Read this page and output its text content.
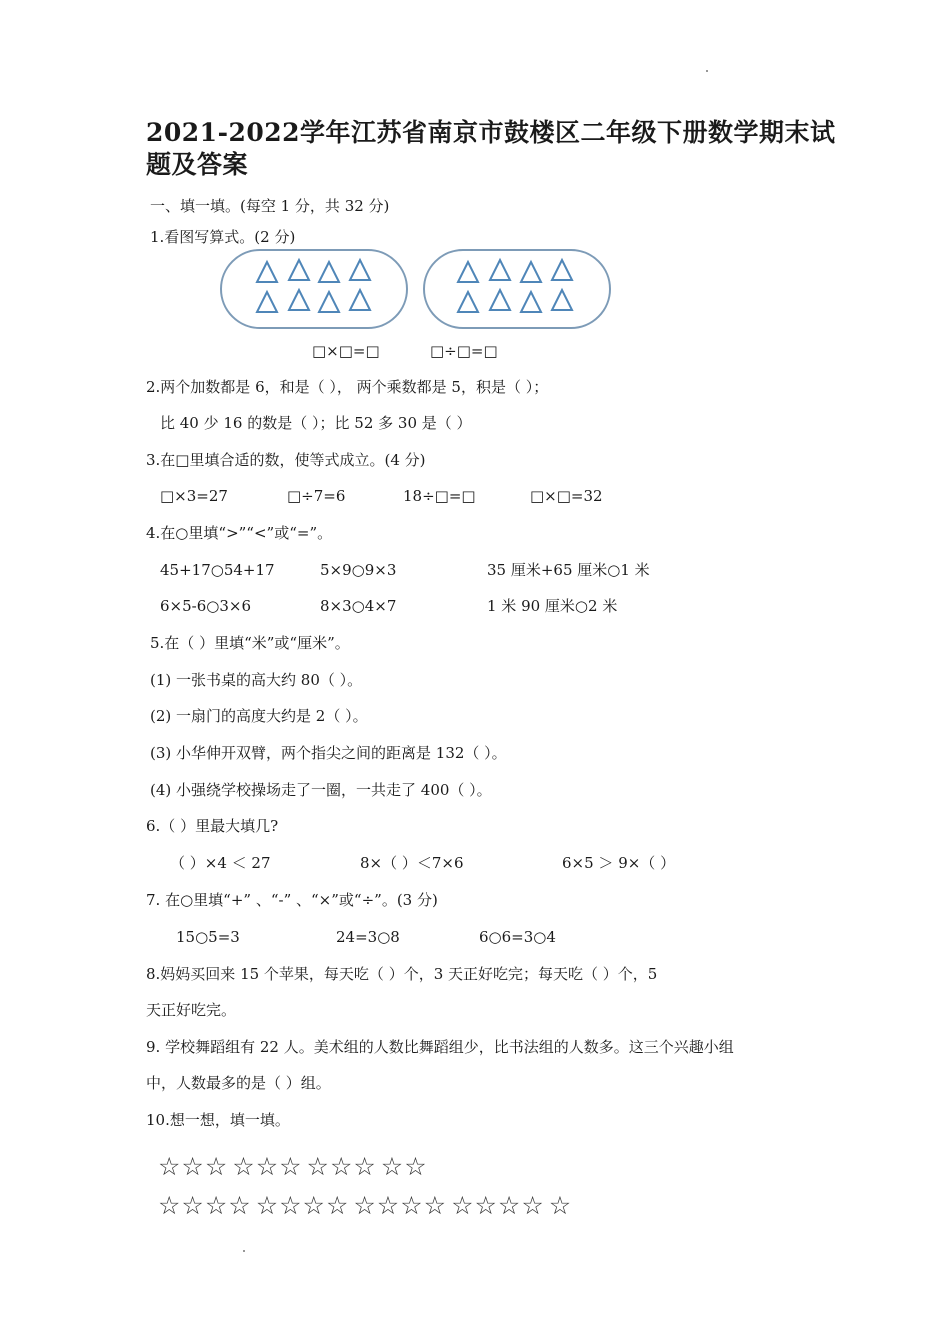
2021-2022学年江苏省南京市鼓楼区二年级下册数学期末试
题及答案
一、填一填。(每空 1 分，共 32 分)
1.看图写算式。(2 分)
□×□=□	□÷□=□
2.两个加数都是 6，和是（ ）， 两个乘数都是 5，积是（ ）；
比 40 少 16 的数是（ ）；比 52 多 30 是（ ）
3.在□里填合适的数，使等式成立。(4 分)
□×3=27	□÷7=6	18÷□=□	□×□=32
4.在○里填“>”“<”或“=”。
45+17○54+17	5×9○9×3	35 厘米+65 厘米○1 米
6×5-6○3×6	8×3○4×7	1 米 90 厘米○2 米
5.在（ ）里填“米”或“厘米”。
(1) 一张书桌的高大约 80（ ）。
(2) 一扇门的高度大约是 2（ ）。
(3) 小华伸开双臂，两个指尖之间的距离是 132（ ）。
(4) 小强绕学校操场走了一圈，一共走了 400（ ）。
6.（ ）里最大填几?
（ ）×4 ＜ 27	8×（ ）＜7×6	6×5 ＞ 9×（ ）
7. 在○里填“+” 、“-” 、“×”或“÷”。(3 分)
15○5=3	24=3○8	6○6=3○4
8.妈妈买回来 15 个苹果，每天吃（ ）个，3 天正好吃完；每天吃（ ）个，5
天正好吃完。
9. 学校舞蹈组有 22 人。美术组的人数比舞蹈组少，比书法组的人数多。这三个兴趣小组
中，人数最多的是（ ）组。
10.想一想，填一填。
☆☆☆ ☆☆☆ ☆☆☆ ☆☆
☆☆☆☆ ☆☆☆☆ ☆☆☆☆ ☆☆☆☆ ☆
